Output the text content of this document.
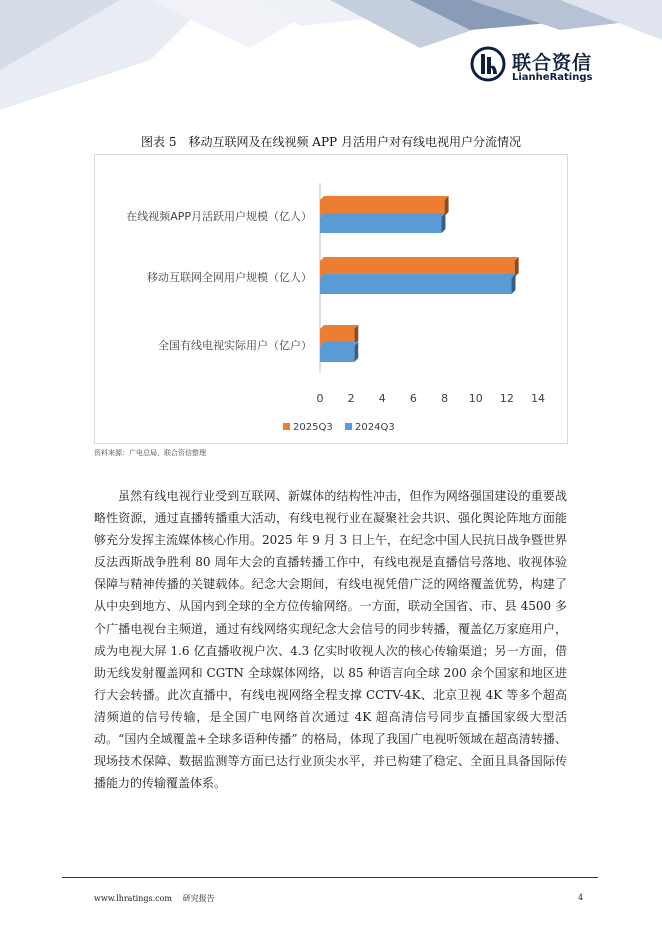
联合资信
LianheRatings
图表 5　移动互联网及在线视频 APP 月活用户对有线电视用户分流情况
在线视频APP月活跃用户规模（亿人）
移动互联网全网用户规模（亿人）
全国有线电视实际用户（亿户）
0 2 4 6 8 10 12 14
2025Q3 2024Q3
资料来源：广电总局，联合资信整理
虽然有线电视行业受到互联网、新媒体的结构性冲击，但作为网络强国建设的重要战略性资源，通过直播转播重大活动，有线电视行业在凝聚社会共识、强化舆论阵地方面能够充分发挥主流媒体核心作用。2025 年 9 月 3 日上午，在纪念中国人民抗日战争暨世界反法西斯战争胜利 80 周年大会的直播转播工作中，有线电视是直播信号落地、收视体验保障与精神传播的关键载体。纪念大会期间，有线电视凭借广泛的网络覆盖优势，构建了从中央到地方、从国内到全球的全方位传输网络。一方面，联动全国省、市、县 4500 多个广播电视台主频道，通过有线网络实现纪念大会信号的同步转播，覆盖亿万家庭用户，成为电视大屏 1.6 亿直播收视户次、4.3 亿实时收视人次的核心传输渠道；另一方面，借助无线发射覆盖网和 CGTN 全球媒体网络，以 85 种语言向全球 200 余个国家和地区进行大会转播。此次直播中，有线电视网络全程支撑 CCTV-4K、北京卫视 4K 等多个超高清频道的信号传输，是全国广电网络首次通过 4K 超高清信号同步直播国家级大型活动。“国内全域覆盖+全球多语种传播” 的格局，体现了我国广电视听领域在超高清转播、现场技术保障、数据监测等方面已达行业顶尖水平，并已构建了稳定、全面且具备国际传播能力的传输覆盖体系。
www.lhratings.com 研究报告	4
